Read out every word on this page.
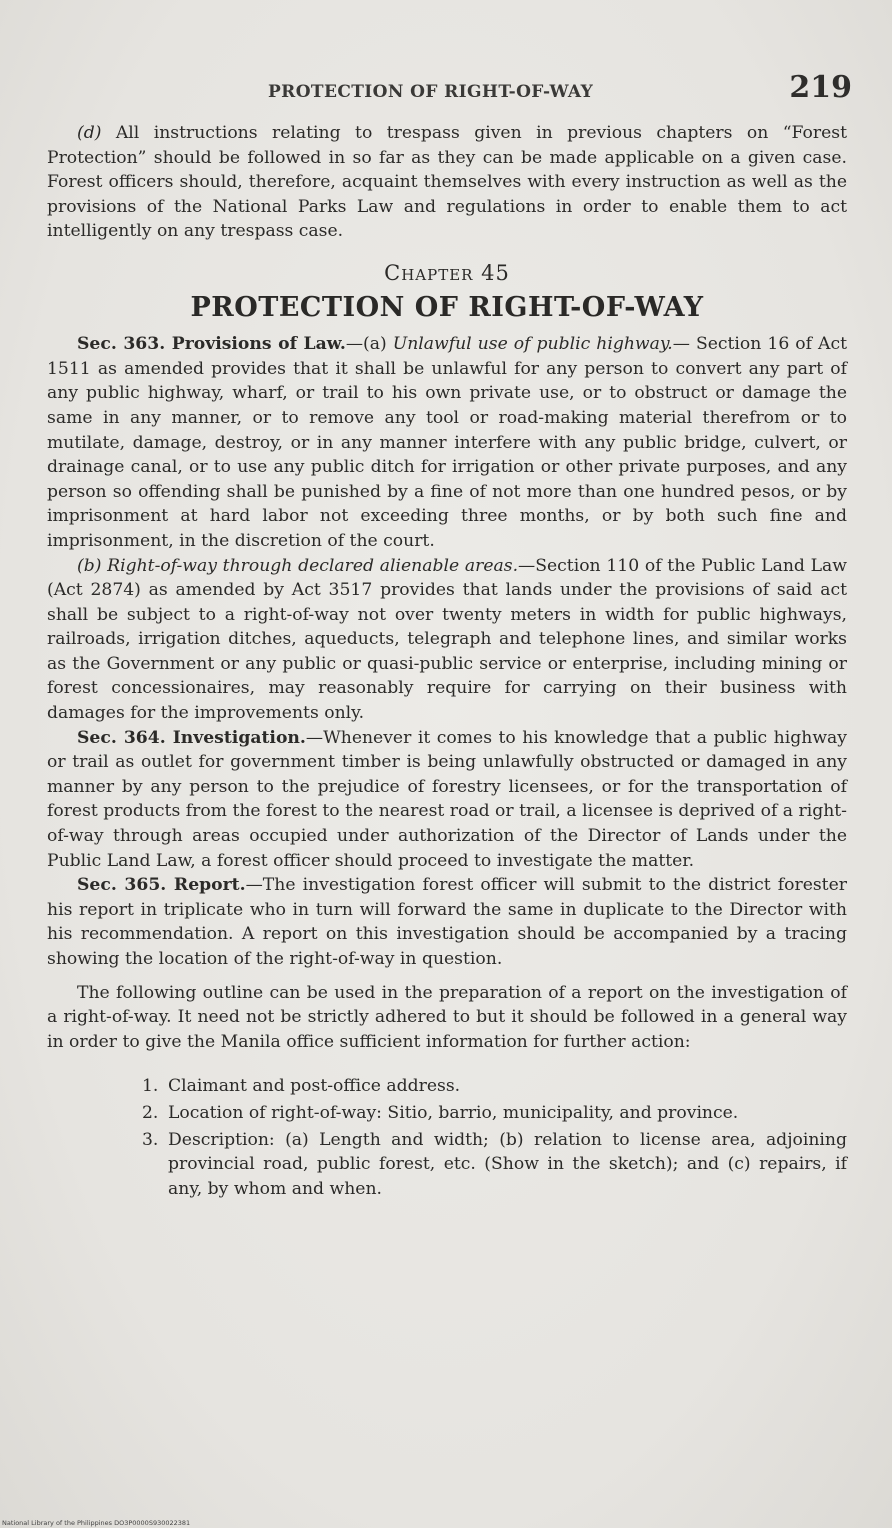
PROTECTION OF RIGHT-OF-WAY	219

(d) All instructions relating to trespass given in previous chapters on “Forest Protection” should be followed in so far as they can be made applicable on a given case. Forest officers should, therefore, acquaint themselves with every instruction as well as the provisions of the National Parks Law and regulations in order to enable them to act intelligently on any trespass case.

Chapter 45
PROTECTION OF RIGHT-OF-WAY

Sec. 363. Provisions of Law.—(a) Unlawful use of public highway.— Section 16 of Act 1511 as amended provides that it shall be unlawful for any person to convert any part of any public highway, wharf, or trail to his own private use, or to obstruct or damage the same in any manner, or to remove any tool or road-making material therefrom or to mutilate, damage, destroy, or in any manner interfere with any public bridge, culvert, or drainage canal, or to use any public ditch for irrigation or other private purposes, and any person so offending shall be punished by a fine of not more than one hundred pesos, or by imprisonment at hard labor not exceeding three months, or by both such fine and imprisonment, in the discretion of the court.

(b) Right-of-way through declared alienable areas.—Section 110 of the Public Land Law (Act 2874) as amended by Act 3517 provides that lands under the provisions of said act shall be subject to a right-of-way not over twenty meters in width for public highways, railroads, irrigation ditches, aqueducts, telegraph and telephone lines, and similar works as the Government or any public or quasi-public service or enterprise, including mining or forest concessionaires, may reasonably require for carrying on their business with damages for the improvements only.

Sec. 364. Investigation.—Whenever it comes to his knowledge that a public highway or trail as outlet for government timber is being unlawfully obstructed or damaged in any manner by any person to the prejudice of forestry licensees, or for the transportation of forest products from the forest to the nearest road or trail, a licensee is deprived of a right-of-way through areas occupied under authorization of the Director of Lands under the Public Land Law, a forest officer should proceed to investigate the matter.

Sec. 365. Report.—The investigation forest officer will submit to the district forester his report in triplicate who in turn will forward the same in duplicate to the Director with his recommendation. A report on this investigation should be accompanied by a tracing showing the location of the right-of-way in question.

The following outline can be used in the preparation of a report on the investigation of a right-of-way. It need not be strictly adhered to but it should be followed in a general way in order to give the Manila office sufficient information for further action:

1. Claimant and post-office address.
2. Location of right-of-way: Sitio, barrio, municipality, and province.
3. Description: (a) Length and width; (b) relation to license area, adjoining provincial road, public forest, etc. (Show in the sketch); and (c) repairs, if any, by whom and when.
National Library of the Philippines DO3P0000S930022381
